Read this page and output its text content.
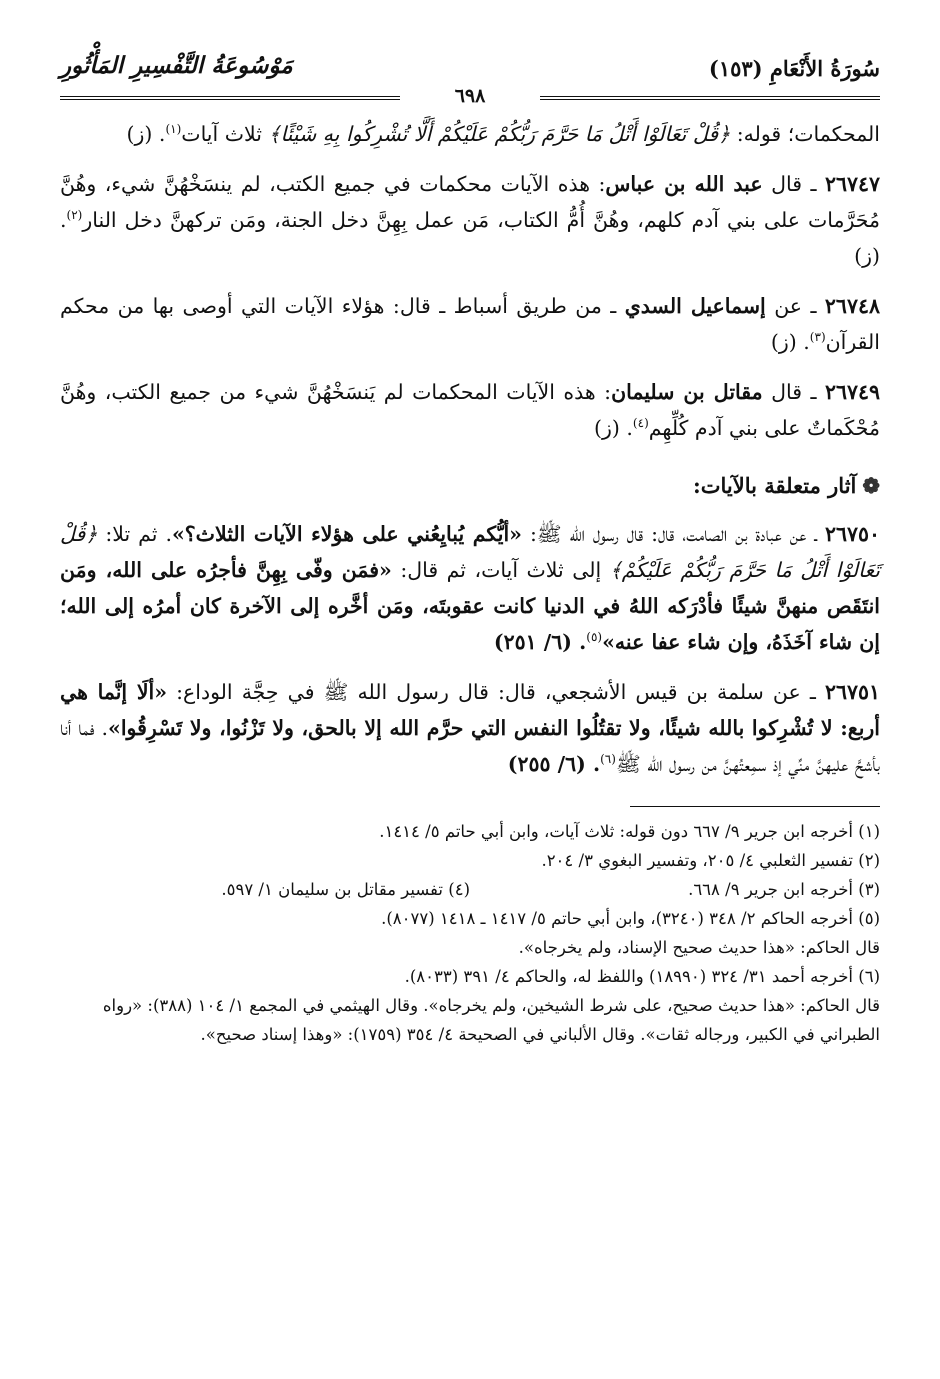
سُورَةُ الأَنْعَامِ (١٥٣)
مَوْسُوعَةُ التَّفْسِيرِ المَأْثُورِ
٦٩٨

المحكمات؛ قوله: ﴿قُلْ تَعَالَوْا أَتْلُ مَا حَرَّمَ رَبُّكُمْ عَلَيْكُمْ أَلَّا تُشْرِكُوا بِهِ شَيْئًا﴾ ثلاث آيات$^{(١)}$. (ز)

٢٦٧٤٧ ـ قال عبد الله بن عباس: هذه الآيات محكمات في جميع الكتب، لم ينسَخْهُنَّ شيء، وهُنَّ مُحَرَّمات على بني آدم كلهم، وهُنَّ أُمُّ الكتاب، مَن عمل بِهِنَّ دخل الجنة، ومَن تركهنَّ دخل النار$^{(٢)}$. (ز)

٢٦٧٤٨ ـ عن إسماعيل السدي ـ من طريق أسباط ـ قال: هؤلاء الآيات التي أوصى بها من محكم القرآن$^{(٣)}$. (ز)

٢٦٧٤٩ ـ قال مقاتل بن سليمان: هذه الآيات المحكمات لم يَنسَخْهُنَّ شيء من جميع الكتب، وهُنَّ مُحْكَماتٌ على بني آدم كُلِّهِم$^{(٤)}$. (ز)

❁آثار متعلقة بالآيات:

٢٦٧٥٠ ـ عن عبادة بن الصامت، قال: قال رسول الله ﷺ: «أيُّكم يُبايِعُني على هؤلاء الآيات الثلاث؟». ثم تلا: ﴿قُلْ تَعَالَوْا أَتْلُ مَا حَرَّمَ رَبُّكُمْ عَلَيْكُمْ﴾ إلى ثلاث آيات، ثم قال: «فمَن وفّى بِهِنَّ فأجرُه على الله، ومَن انتَقَص منهنَّ شيئًا فأدْرَكه اللهُ في الدنيا كانت عقوبتَه، ومَن أخَّره إلى الآخرة كان أمرُه إلى الله؛ إن شاء آخَذَهُ، وإن شاء عفا عنه»$^{(٥)}$. (٦/ ٢٥١)

٢٦٧٥١ ـ عن سلمة بن قيس الأشجعي، قال: قال رسول الله ﷺ في حِجَّة الوداع: «ألَا إنَّما هي أربع: لا تُشْرِكوا بالله شيئًا، ولا تقتُلُوا النفس التي حرَّم الله إلا بالحق، ولا تَزْنُوا، ولا تَسْرِقُوا». فما أنا بأشحَّ عليهنَّ منِّي إذ سمِعتُهنَّ من رسول الله ﷺ$^{(٦)}$. (٦/ ٢٥٥)

(١) أخرجه ابن جرير ٩/ ٦٦٧ دون قوله: ثلاث آيات، وابن أبي حاتم ٥/ ١٤١٤.

(٢) تفسير الثعلبي ٤/ ٢٠٥، وتفسير البغوي ٣/ ٢٠٤.

(٣) أخرجه ابن جرير ٩/ ٦٦٨.

(٤) تفسير مقاتل بن سليمان ١/ ٥٩٧.

(٥) أخرجه الحاكم ٢/ ٣٤٨ (٣٢٤٠)، وابن أبي حاتم ٥/ ١٤١٧ ـ ١٤١٨ (٨٠٧٧).

قال الحاكم: «هذا حديث صحيح الإسناد، ولم يخرجاه».

(٦) أخرجه أحمد ٣١/ ٣٢٤ (١٨٩٩٠) واللفظ له، والحاكم ٤/ ٣٩١ (٨٠٣٣).

قال الحاكم: «هذا حديث صحيح، على شرط الشيخين، ولم يخرجاه». وقال الهيثمي في المجمع ١/ ١٠٤ (٣٨٨): «رواه الطبراني في الكبير، ورجاله ثقات». وقال الألباني في الصحيحة ٤/ ٣٥٤ (١٧٥٩): «وهذا إسناد صحيح».
